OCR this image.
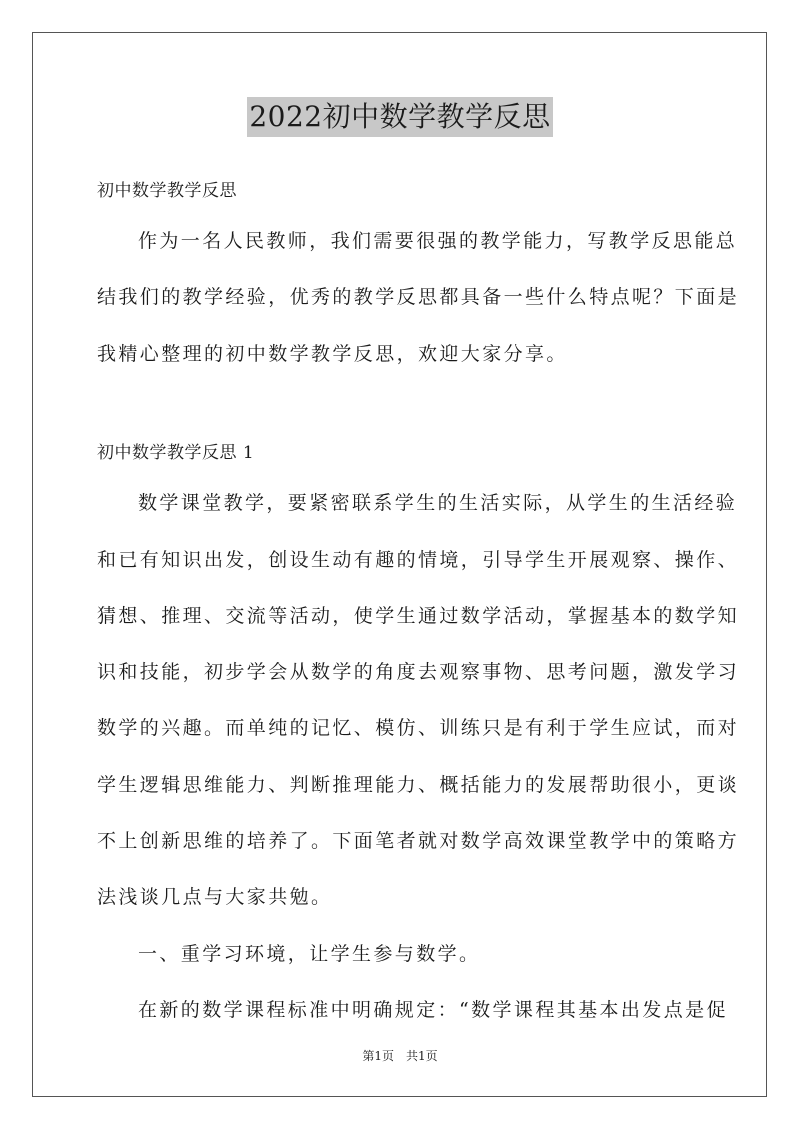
2022初中数学教学反思
初中数学教学反思
作为一名人民教师，我们需要很强的教学能力，写教学反思能总
结我们的教学经验，优秀的教学反思都具备一些什么特点呢？下面是
我精心整理的初中数学教学反思，欢迎大家分享。
初中数学教学反思 1
数学课堂教学，要紧密联系学生的生活实际，从学生的生活经验
和已有知识出发，创设生动有趣的情境，引导学生开展观察、操作、
猜想、推理、交流等活动，使学生通过数学活动，掌握基本的数学知
识和技能，初步学会从数学的角度去观察事物、思考问题，激发学习
数学的兴趣。而单纯的记忆、模仿、训练只是有利于学生应试，而对
学生逻辑思维能力、判断推理能力、概括能力的发展帮助很小，更谈
不上创新思维的培养了。下面笔者就对数学高效课堂教学中的策略方
法浅谈几点与大家共勉。
一、重学习环境，让学生参与数学。
在新的数学课程标准中明确规定：“数学课程其基本出发点是促
第1页　共1页
